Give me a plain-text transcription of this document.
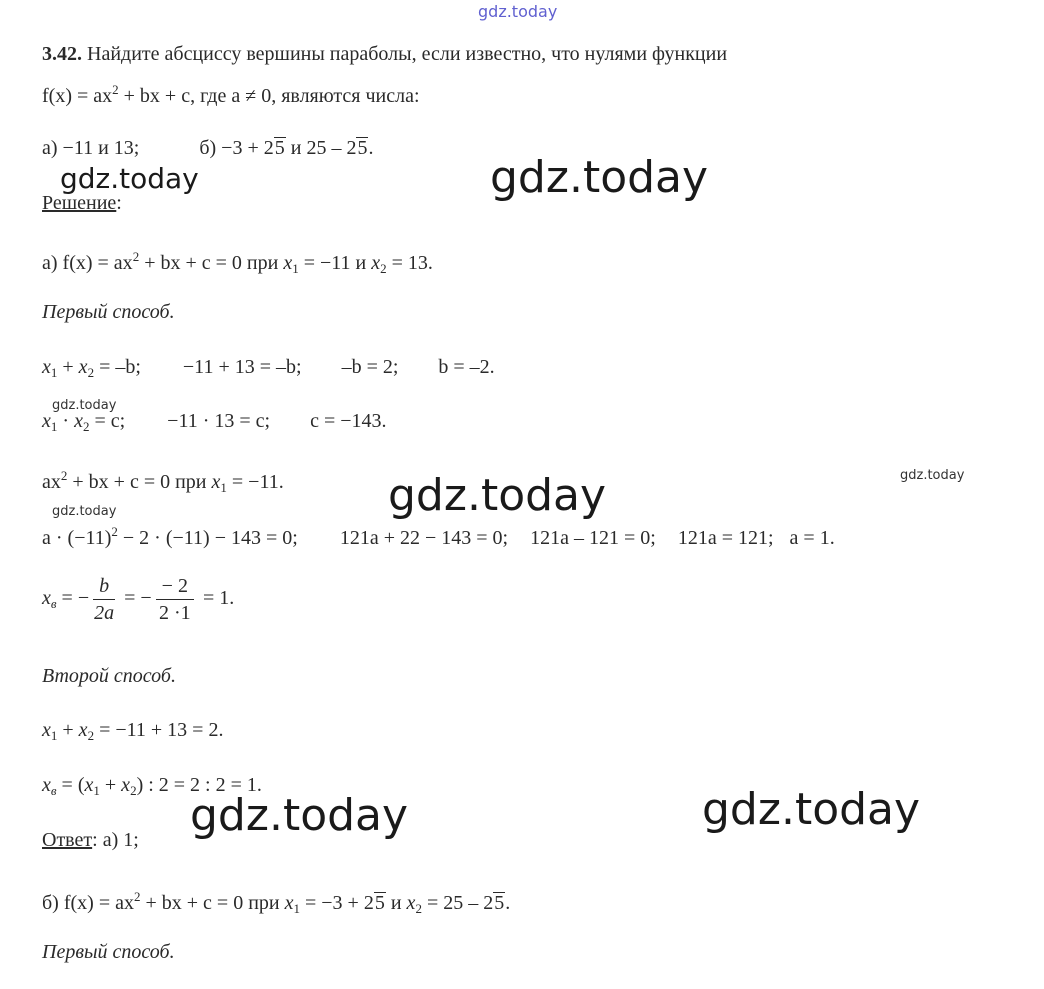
gdz.today
gdz.today	gdz.today
gdz.today
gdz.today
gdz.today
gdz.today
gdz.today	gdz.today
3.42. Найдите абсциссу вершины параболы, если известно, что нулями функции
$f(x) = ax^2$ + bx + c, где a ≠ 0, являются числа:
а) −11 и 13;	б) −3 + 25 и 25 – 25.
Решение:
а) $f(x) = ax^2$ + bx + c = 0 при $x_1 = -11$ и $x_2 = 13$.
Первый способ.
$x_1 + x_2 = -b$; −11 + 13 = –b; –b = 2; b = –2.
$x_1 \cdot x_2 = c$; −11 · 13 = c; c = −143.
$ax^2$ + bx + c = 0 при $x_1 = -11$.
$a \cdot (-11)^2 - 2 \cdot (-11) - 143 = 0$; 121a + 22 − 143 = 0; 121a – 121 = 0; 121a = 121; a = 1.
$x_в$ = − $\frac{b}{2a}$ = − $\frac{- 2}{2 \cdot 1} = 1$.
Второй способ.
$x_1 + x_2 = -11 + 13 = 2$.
$x_в = (x_1 + x_2)$ : 2 = 2 : 2 = 1.
Ответ: а) 1;
б) $f(x) = ax^2$ + bx + c = 0 при $x_1 = -3 + 25$ и $x_2 = 25 - 25$.
Первый способ.
